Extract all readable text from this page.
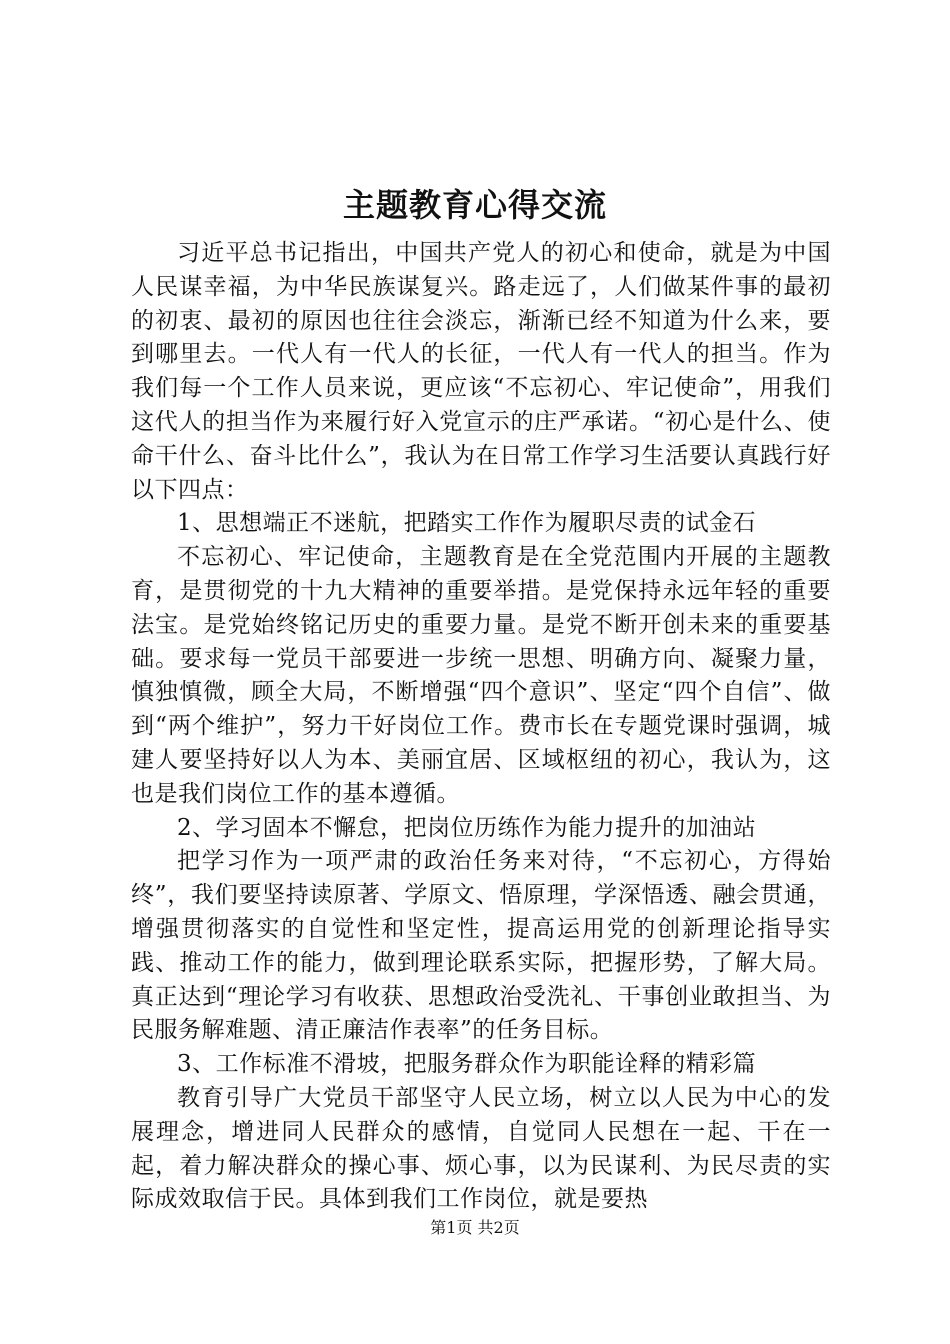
主题教育心得交流

习近平总书记指出，中国共产党人的初心和使命，就是为中国人民谋幸福，为中华民族谋复兴。路走远了，人们做某件事的最初的初衷、最初的原因也往往会淡忘，渐渐已经不知道为什么来，要到哪里去。一代人有一代人的长征，一代人有一代人的担当。作为我们每一个工作人员来说，更应该“不忘初心、牢记使命”，用我们这代人的担当作为来履行好入党宣示的庄严承诺。“初心是什么、使命干什么、奋斗比什么”，我认为在日常工作学习生活要认真践行好以下四点：

1、思想端正不迷航，把踏实工作作为履职尽责的试金石

不忘初心、牢记使命，主题教育是在全党范围内开展的主题教育，是贯彻党的十九大精神的重要举措。是党保持永远年轻的重要法宝。是党始终铭记历史的重要力量。是党不断开创未来的重要基础。要求每一党员干部要进一步统一思想、明确方向、凝聚力量，慎独慎微，顾全大局，不断增强“四个意识”、坚定“四个自信”、做到“两个维护”，努力干好岗位工作。费市长在专题党课时强调，城建人要坚持好以人为本、美丽宜居、区域枢纽的初心，我认为，这也是我们岗位工作的基本遵循。

2、学习固本不懈怠，把岗位历练作为能力提升的加油站

把学习作为一项严肃的政治任务来对待，“不忘初心，方得始终”，我们要坚持读原著、学原文、悟原理，学深悟透、融会贯通，增强贯彻落实的自觉性和坚定性，提高运用党的创新理论指导实践、推动工作的能力，做到理论联系实际，把握形势，了解大局。真正达到“理论学习有收获、思想政治受洗礼、干事创业敢担当、为民服务解难题、清正廉洁作表率”的任务目标。

3、工作标准不滑坡，把服务群众作为职能诠释的精彩篇

教育引导广大党员干部坚守人民立场，树立以人民为中心的发展理念，增进同人民群众的感情，自觉同人民想在一起、干在一起，着力解决群众的操心事、烦心事，以为民谋利、为民尽责的实际成效取信于民。具体到我们工作岗位，就是要热

第1页 共2页
